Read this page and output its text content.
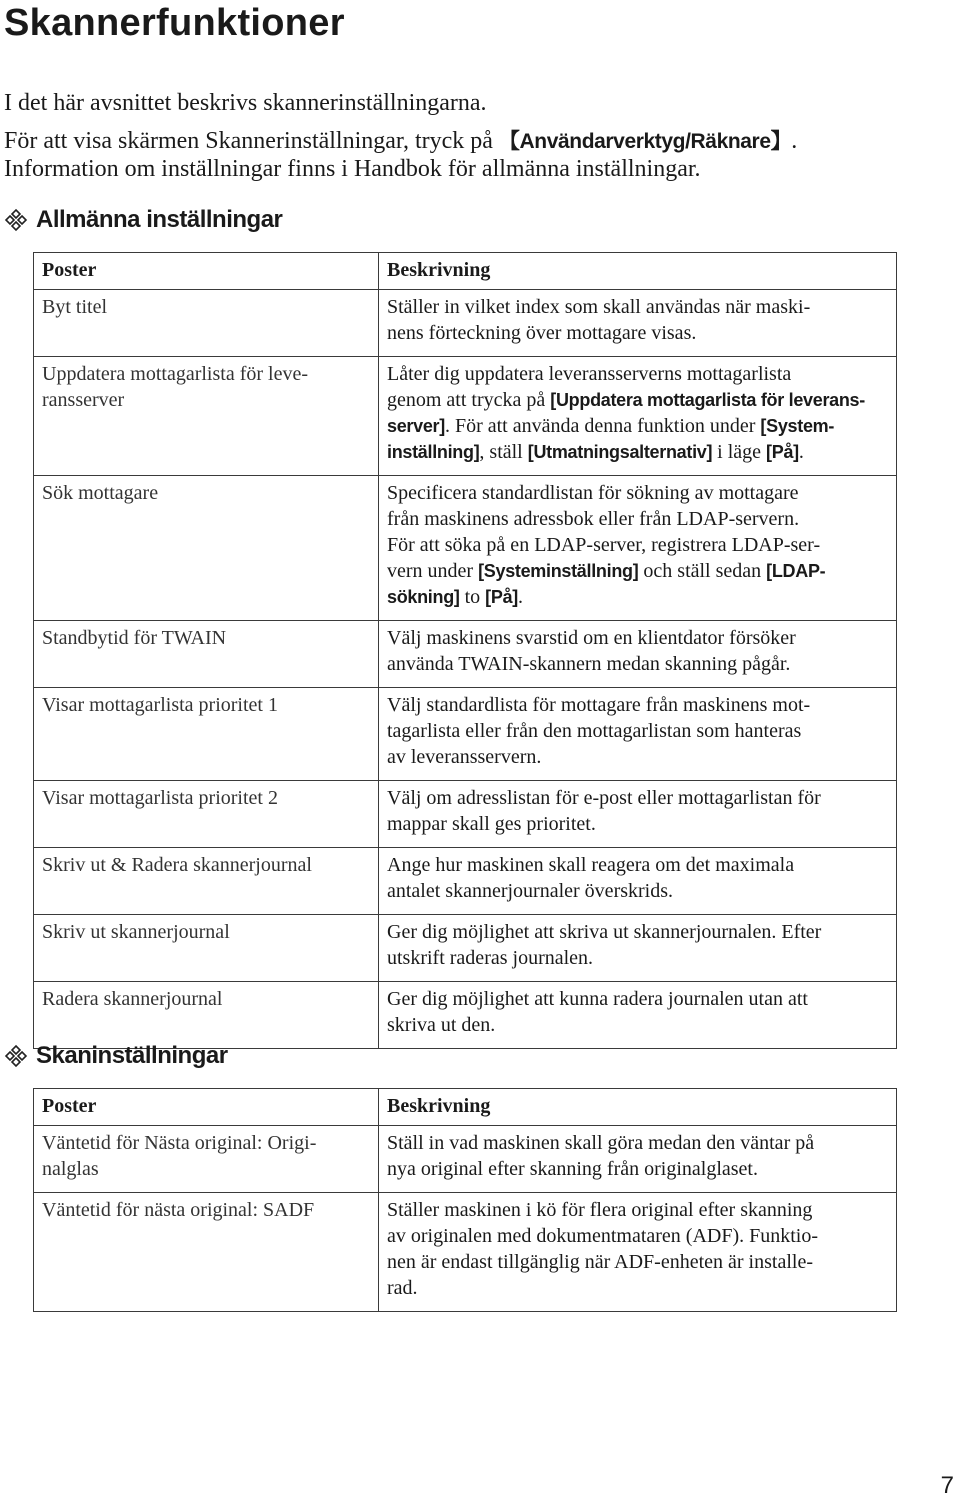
Skannerfunktioner
I det här avsnittet beskrivs skannerinställningarna.
För att visa skärmen Skannerinställningar, tryck på 【Användarverktyg/Räknare】.
Information om inställningar finns i Handbok för allmänna inställningar.
Allmänna inställningar
Poster	Beskrivning
Byt titel	Ställer in vilket index som skall användas när maski-
nens förteckning över mottagare visas.
Uppdatera mottagarlista för leve-ransserver	Låter dig uppdatera leveransserverns mottagarlista
genom att trycka på [Uppdatera mottagarlista för leverans-
server]. För att använda denna funktion under [System-
inställning], ställ [Utmatningsalternativ] i läge [På].
Sök mottagare	Specificera standardlistan för sökning av mottagare
från maskinens adressbok eller från LDAP-servern.
För att söka på en LDAP-server, registrera LDAP-ser-
vern under [Systeminställning] och ställ sedan [LDAP-
sökning] to [På].
Standbytid för TWAIN	Välj maskinens svarstid om en klientdator försöker
använda TWAIN-skannern medan skanning pågår.
Visar mottagarlista prioritet 1	Välj standardlista för mottagare från maskinens mot-
tagarlista eller från den mottagarlistan som hanteras
av leveransservern.
Visar mottagarlista prioritet 2	Välj om adresslistan för e-post eller mottagarlistan för
mappar skall ges prioritet.
Skriv ut & Radera skannerjournal	Ange hur maskinen skall reagera om det maximala
antalet skannerjournaler överskrids.
Skriv ut skannerjournal	Ger dig möjlighet att skriva ut skannerjournalen. Efter
utskrift raderas journalen.
Radera skannerjournal	Ger dig möjlighet att kunna radera journalen utan att
skriva ut den.
Skaninställningar
Poster	Beskrivning
Väntetid för Nästa original: Origi-nalglas	Ställ in vad maskinen skall göra medan den väntar på
nya original efter skanning från originalglaset.
Väntetid för nästa original: SADF	Ställer maskinen i kö för flera original efter skanning
av originalen med dokumentmataren (ADF). Funktio-
nen är endast tillgänglig när ADF-enheten är installe-
rad.
7
